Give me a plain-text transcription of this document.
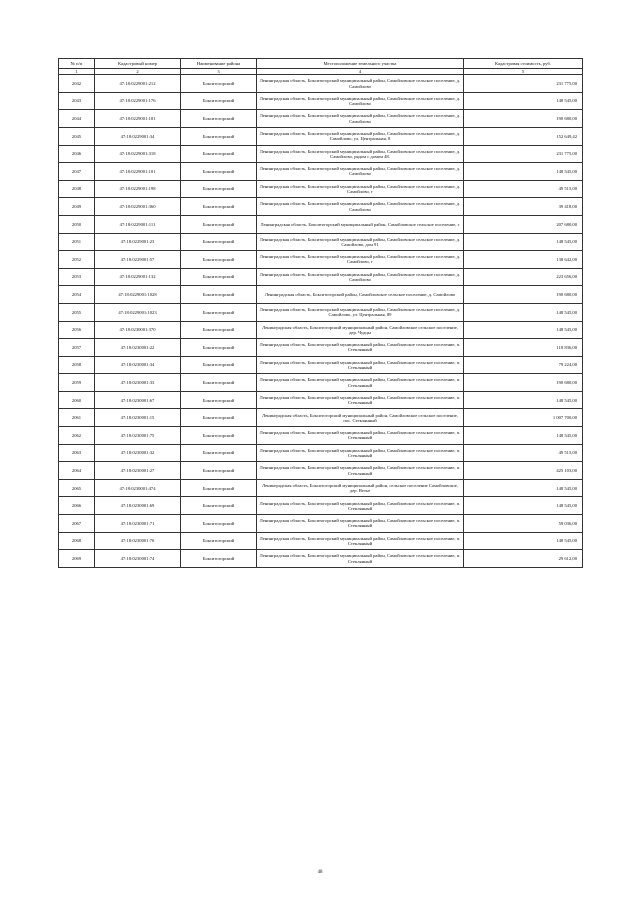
№ п/п	Кадастровый номер	Наименование района	Местоположение земельного участка	Кадастровая стоимость, руб.
1	2	3	4	5
2042	47:18:0229001:212	Бокситогорский	Ленинградская область, Бокситогорский муниципальный район, Самойловское сельское поселение, д. Самойлово	231 775,00
2043	47:18:0229001:176	Бокситогорский	Ленинградская область, Бокситогорский муниципальный район, Самойловское сельское поселение, д. Самойлово	148 545,00
2044	47:18:0229001:181	Бокситогорский	Ленинградская область, Бокситогорский муниципальный район, Самойловское сельское поселение, д. Самойлово	190 680,00
2045	47:18:0229001:34	Бокситогорский	Ленинградская область, Бокситогорский муниципальный район, Самойловское сельское поселение, д. Самойлово, ул. Центральная, 8	152 649,42
2046	47:18:0229001:318	Бокситогорский	Ленинградская область, Бокситогорский муниципальный район, Самойловское сельское поселение, д. Самойлово, рядом с домом 48.	231 775,00
2047	47:18:0229001:101	Бокситогорский	Ленинградская область, Бокситогорский муниципальный район, Самойловское сельское поселение, д. Самойлово	148 545,00
2048	47:18:0229001:198	Бокситогорский	Ленинградская область, Бокситогорский муниципальный район, Самойловское сельское поселение, д. Самойлово, г	49 515,00
2049	47:18:0229001:360	Бокситогорский	Ленинградская область, Бокситогорский муниципальный район, Самойловское сельское поселение, д. Самойлово	39 418,00
2050	47:18:0229001:111	Бокситогорский	Ленинградская область, Бокситогорский муниципальный район, Самойловское сельское поселение, г	207 680,00
2051	47:18:0229001:23	Бокситогорский	Ленинградская область, Бокситогорский муниципальный район, Самойловское сельское поселение, д. Самойлово, дом 91	148 545,00
2052	47:18:0229001:57	Бокситогорский	Ленинградская область, Бокситогорский муниципальный район, Самойловское сельское поселение, д. Самойлово, г	138 642,00
2053	47:18:0229001:132	Бокситогорский	Ленинградская область, Бокситогорский муниципальный район, Самойловское сельское поселение, д. Самойлово	223 656,00
2054	47:18:0229001:1028	Бокситогорский	Ленинградская область, Бокситогорский район, Самойловское сельское поселение, д. Самойлово	190 680,00
2055	47:18:0229001:1023	Бокситогорский	Ленинградская область, Бокситогорский муниципальный район, Самойловское сельское поселение, д. Самойлово, ул. Центральная, 89	148 545,00
2056	47:18:0230001:370	Бокситогорский	Ленинградская область, Бокситогорский муниципальный район, Самойловское сельское поселение, дер. Чудцы	148 545,00
2057	47:18:0230001:22	Бокситогорский	Ленинградская область, Бокситогорский муниципальный район, Самойловское сельское поселение, п. Стеклянный	118 836,00
2058	47:18:0230001:34	Бокситогорский	Ленинградская область, Бокситогорский муниципальный район, Самойловское сельское поселение, п. Стеклянный	79 224,00
2059	47:18:0230001:33	Бокситогорский	Ленинградская область, Бокситогорский муниципальный район, Самойловское сельское поселение, п. Стеклянный	190 680,00
2060	47:18:0230001:67	Бокситогорский	Ленинградская область, Бокситогорский муниципальный район, Самойловское сельское поселение, п. Стеклянный	148 545,00
2061	47:18:0230001:15	Бокситогорский	Ленинградская область, Бокситогорский муниципальный район, Самойловское сельское поселение, пос. Стеклянный	1 007 700,00
2062	47:18:0230001:75	Бокситогорский	Ленинградская область, Бокситогорский муниципальный район, Самойловское сельское поселение, п. Стеклянный	148 545,00
2063	47:18:0230001:32	Бокситогорский	Ленинградская область, Бокситогорский муниципальный район, Самойловское сельское поселение, п. Стеклянный	49 515,00
2064	47:18:0230001:27	Бокситогорский	Ленинградская область, Бокситогорский муниципальный район, Самойловское сельское поселение, п. Стеклянный	425 103,00
2065	47:18:0230001:474	Бокситогорский	Ленинградская область, Бокситогорский муниципальный район, сельское поселение Самойловское, дер. Ветье	148 545,00
2066	47:18:0230001:69	Бокситогорский	Ленинградская область, Бокситогорский муниципальный район, Самойловское сельское поселение, п. Стеклянный	148 545,00
2067	47:18:0230001:71	Бокситогорский	Ленинградская область, Бокситогорский муниципальный район, Самойловское сельское поселение, п. Стеклянный	59 036,00
2068	47:18:0230001:76	Бокситогорский	Ленинградская область, Бокситогорский муниципальный район, Самойловское сельское поселение, п. Стеклянный	148 545,00
2069	47:18:0230001:74	Бокситогорский	Ленинградская область, Бокситогорский муниципальный район, Самойловское сельское поселение, п. Стеклянный	29 612,00
48
